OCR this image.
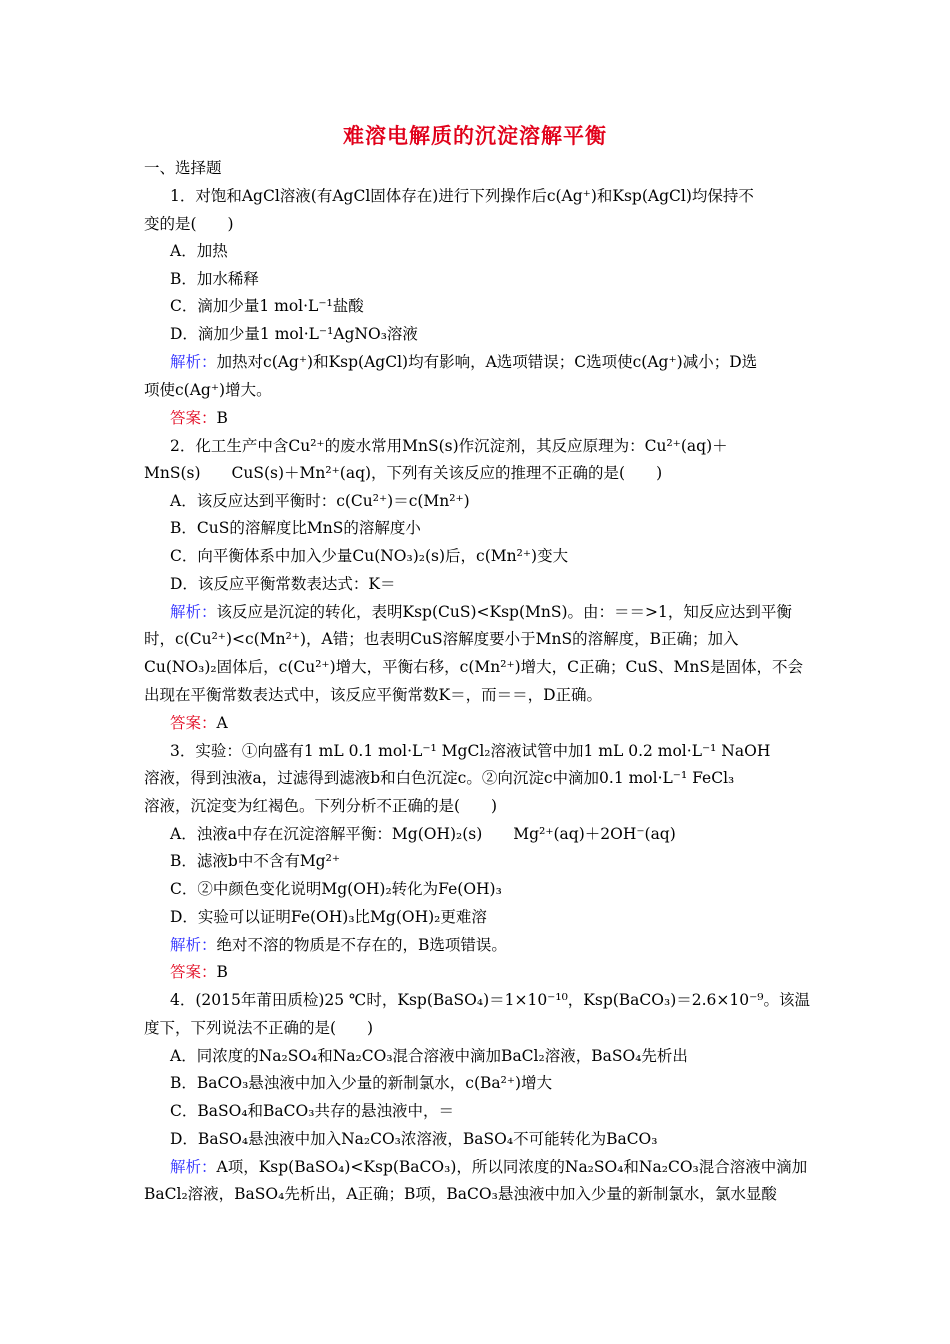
难溶电解质的沉淀溶解平衡
一、选择题
1．对饱和AgCl溶液(有AgCl固体存在)进行下列操作后c(Ag⁺)和Ksp(AgCl)均保持不
变的是(　　)
A．加热
B．加水稀释
C．滴加少量1 mol·L⁻¹盐酸
D．滴加少量1 mol·L⁻¹AgNO₃溶液
解析：加热对c(Ag⁺)和Ksp(AgCl)均有影响，A选项错误；C选项使c(Ag⁺)减小；D选
项使c(Ag⁺)增大。
答案：B
2．化工生产中含Cu²⁺的废水常用MnS(s)作沉淀剂，其反应原理为：Cu²⁺(aq)＋
MnS(s)　　CuS(s)＋Mn²⁺(aq)，下列有关该反应的推理不正确的是(　　)
A．该反应达到平衡时：c(Cu²⁺)＝c(Mn²⁺)
B．CuS的溶解度比MnS的溶解度小
C．向平衡体系中加入少量Cu(NO₃)₂(s)后，c(Mn²⁺)变大
D．该反应平衡常数表达式：K＝
解析：该反应是沉淀的转化，表明Ksp(CuS)<Ksp(MnS)。由：＝＝>1，知反应达到平衡
时，c(Cu²⁺)<c(Mn²⁺)，A错；也表明CuS溶解度要小于MnS的溶解度，B正确；加入
Cu(NO₃)₂固体后，c(Cu²⁺)增大，平衡右移，c(Mn²⁺)增大，C正确；CuS、MnS是固体，不会
出现在平衡常数表达式中，该反应平衡常数K＝，而＝＝，D正确。
答案：A
3．实验：①向盛有1 mL 0.1 mol·L⁻¹ MgCl₂溶液试管中加1 mL 0.2 mol·L⁻¹ NaOH
溶液，得到浊液a，过滤得到滤液b和白色沉淀c。②向沉淀c中滴加0.1 mol·L⁻¹ FeCl₃
溶液，沉淀变为红褐色。下列分析不正确的是(　　)
A．浊液a中存在沉淀溶解平衡：Mg(OH)₂(s)　　Mg²⁺(aq)＋2OH⁻(aq)
B．滤液b中不含有Mg²⁺
C．②中颜色变化说明Mg(OH)₂转化为Fe(OH)₃
D．实验可以证明Fe(OH)₃比Mg(OH)₂更难溶
解析：绝对不溶的物质是不存在的，B选项错误。
答案：B
4．(2015年莆田质检)25 ℃时，Ksp(BaSO₄)＝1×10⁻¹⁰，Ksp(BaCO₃)＝2.6×10⁻⁹。该温
度下，下列说法不正确的是(　　)
A．同浓度的Na₂SO₄和Na₂CO₃混合溶液中滴加BaCl₂溶液，BaSO₄先析出
B．BaCO₃悬浊液中加入少量的新制氯水，c(Ba²⁺)增大
C．BaSO₄和BaCO₃共存的悬浊液中，＝
D．BaSO₄悬浊液中加入Na₂CO₃浓溶液，BaSO₄不可能转化为BaCO₃
解析：A项，Ksp(BaSO₄)<Ksp(BaCO₃)，所以同浓度的Na₂SO₄和Na₂CO₃混合溶液中滴加
BaCl₂溶液，BaSO₄先析出，A正确；B项，BaCO₃悬浊液中加入少量的新制氯水，氯水显酸
